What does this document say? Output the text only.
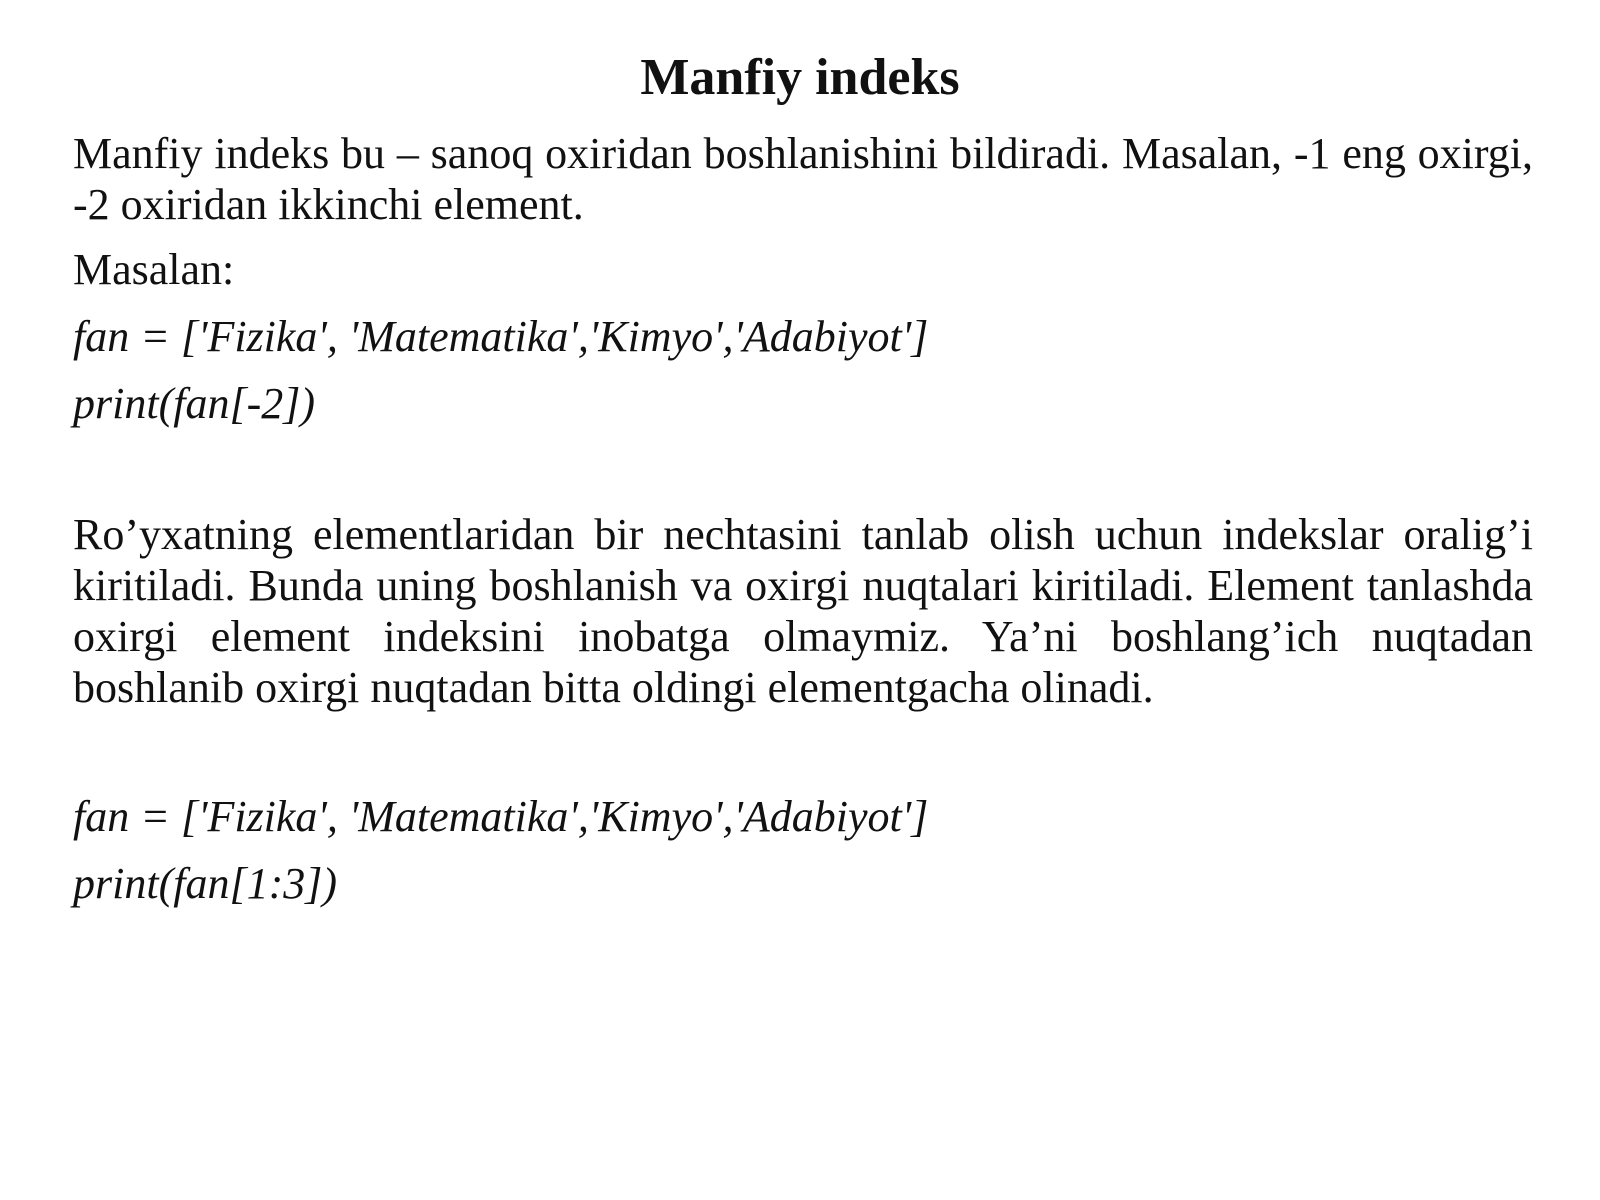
Manfiy indeks

Manfiy indeks bu – sanoq oxiridan boshlanishini bildiradi. Masalan, -1 eng oxirgi, -2 oxiridan ikkinchi element.

Masalan:

fan = ['Fizika', 'Matematika','Kimyo','Adabiyot']

print(fan[-2])

Ro’yxatning elementlaridan bir nechtasini tanlab olish uchun indekslar oralig’i kiritiladi. Bunda uning boshlanish va oxirgi nuqtalari kiritiladi. Element tanlashda oxirgi element indeksini inobatga olmaymiz. Ya’ni boshlang’ich nuqtadan boshlanib oxirgi nuqtadan bitta oldingi elementgacha olinadi.

fan = ['Fizika', 'Matematika','Kimyo','Adabiyot']

print(fan[1:3])
